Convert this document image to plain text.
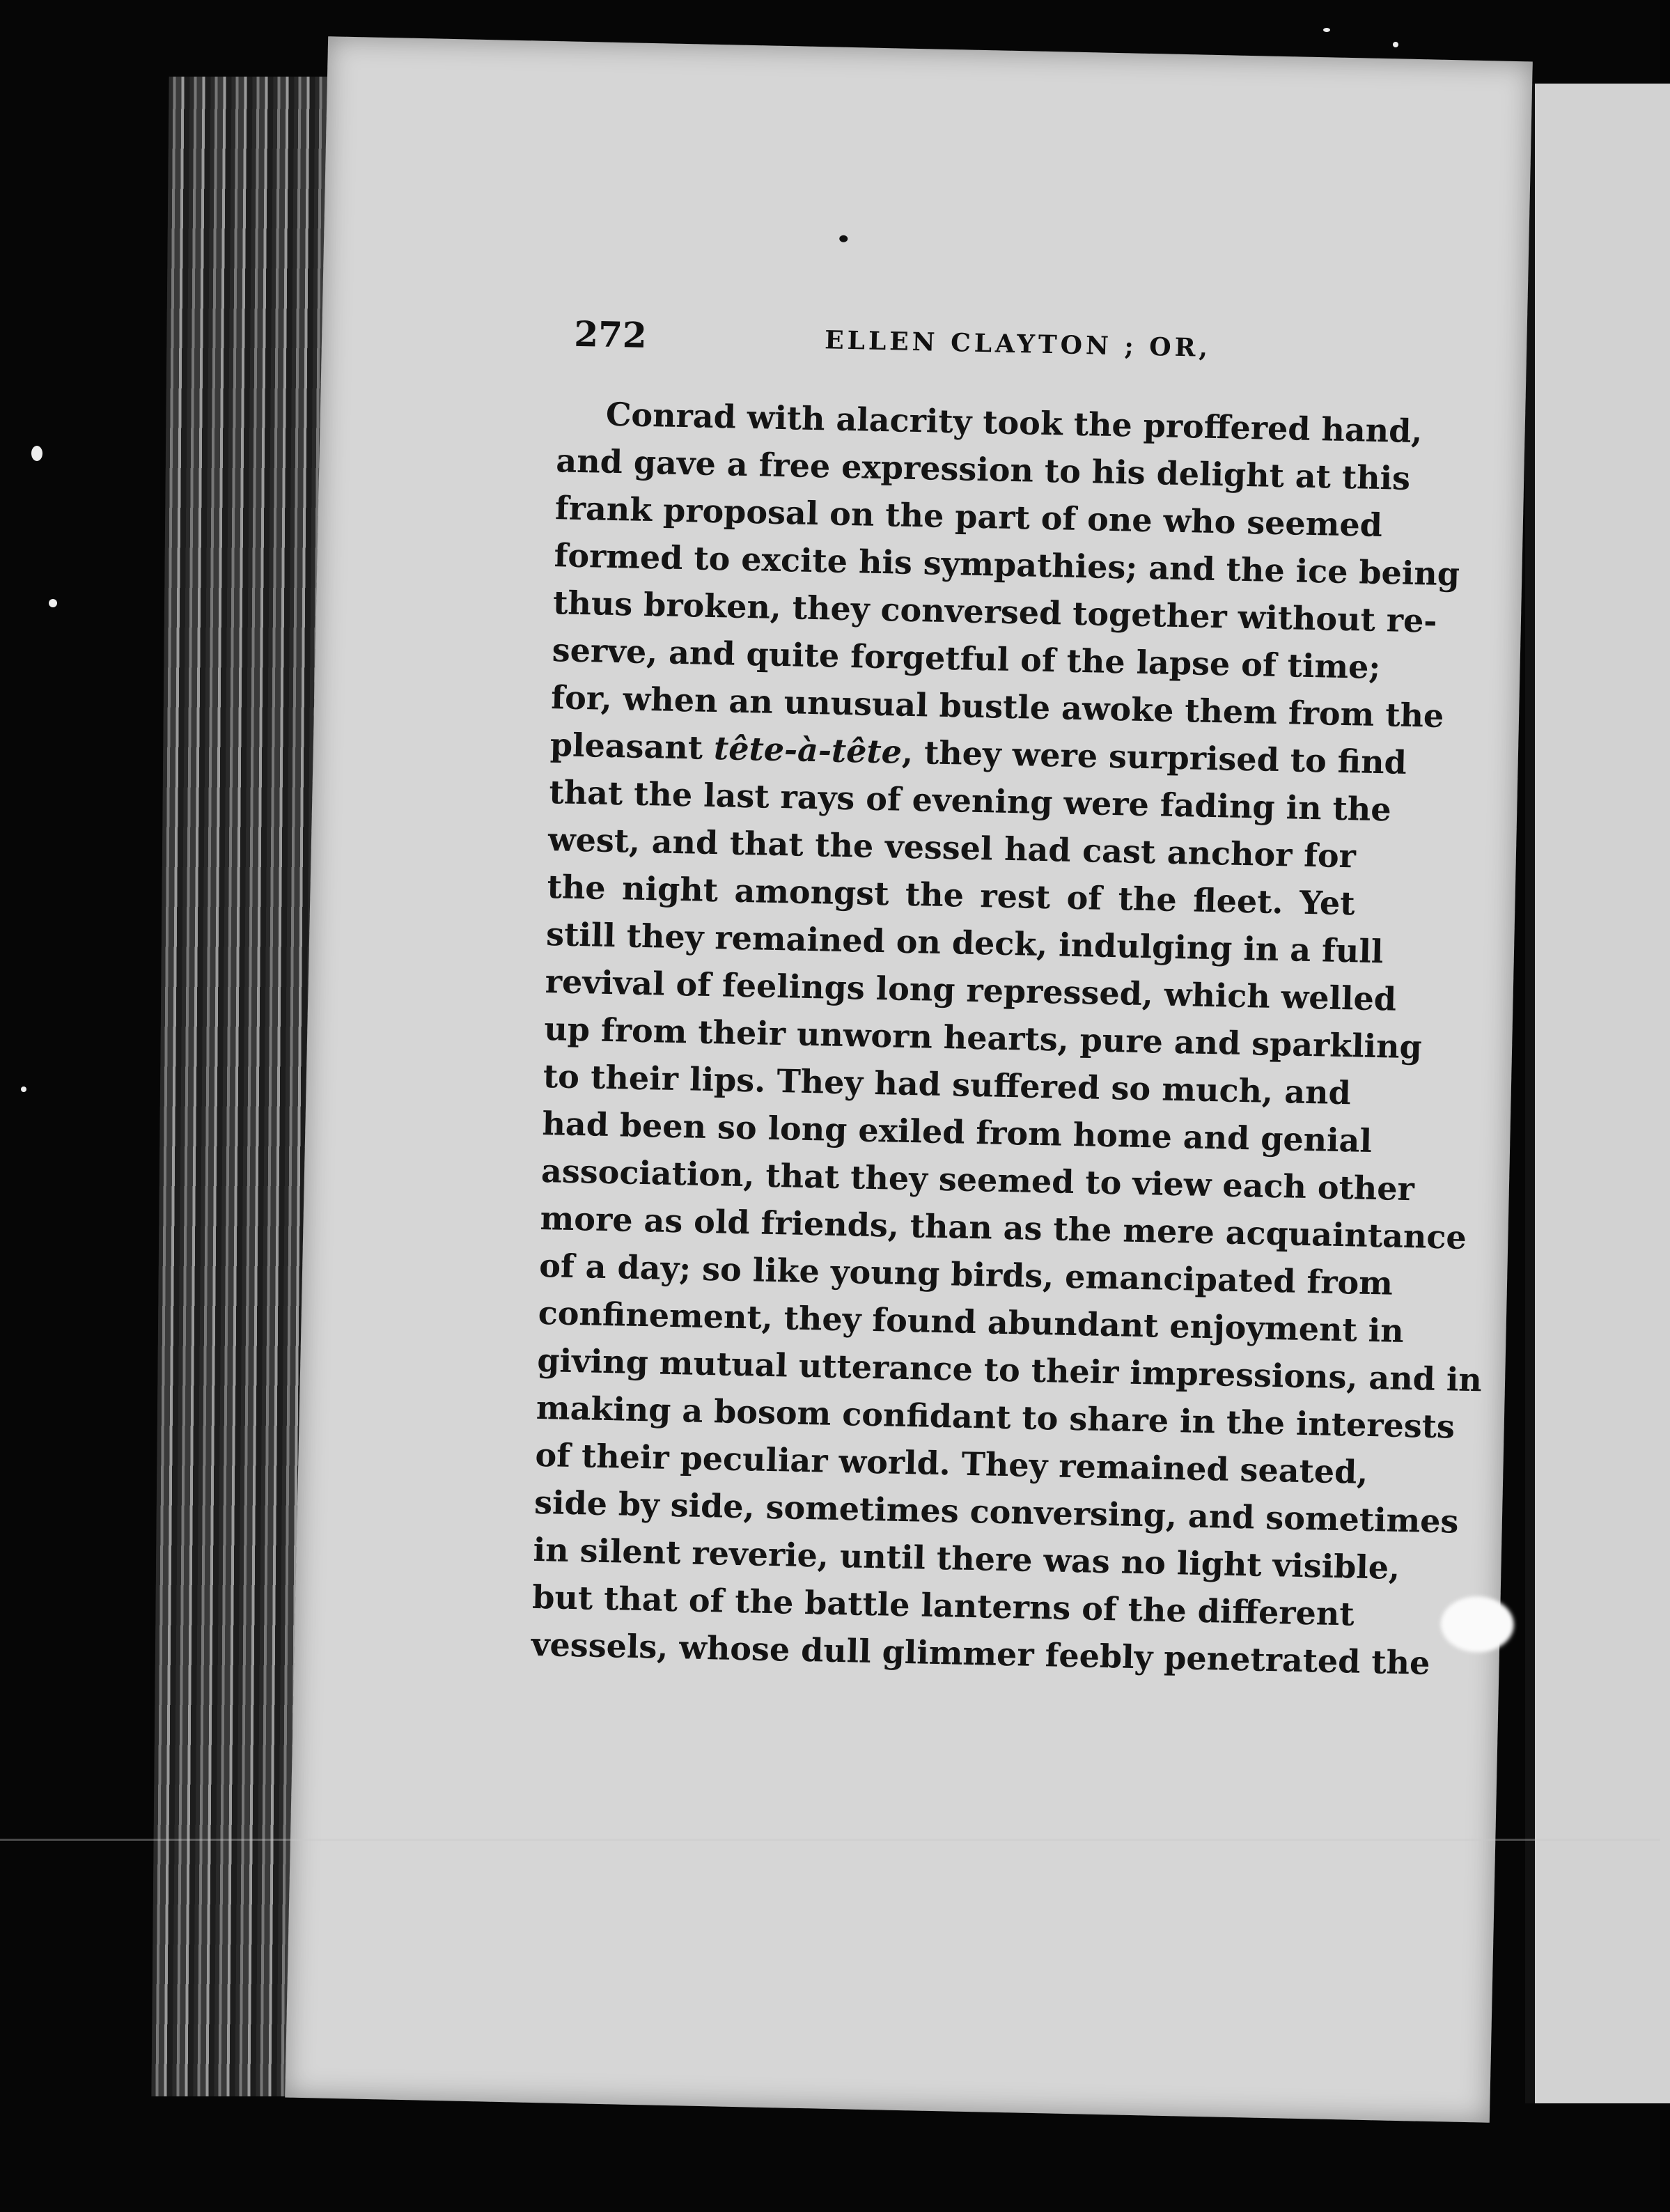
272	ELLEN CLAYTON ; OR,
Conrad with alacrity took the proffered hand,
and gave a free expression to his delight at this
frank proposal on the part of one who seemed
formed to excite his sympathies; and the ice being
thus broken, they conversed together without re-
serve, and quite forgetful of the lapse of time;
for, when an unusual bustle awoke them from the
pleasant tête-à-tête, they were surprised to find
that the last rays of evening were fading in the
west, and that the vessel had cast anchor for
the night amongst the rest of the fleet. Yet
still they remained on deck, indulging in a full
revival of feelings long repressed, which welled
up from their unworn hearts, pure and sparkling
to their lips. They had suffered so much, and
had been so long exiled from home and genial
association, that they seemed to view each other
more as old friends, than as the mere acquaintance
of a day; so like young birds, emancipated from
confinement, they found abundant enjoyment in
giving mutual utterance to their impressions, and in
making a bosom confidant to share in the interests
of their peculiar world. They remained seated,
side by side, sometimes conversing, and sometimes
in silent reverie, until there was no light visible,
but that of the battle lanterns of the different
vessels, whose dull glimmer feebly penetrated the
